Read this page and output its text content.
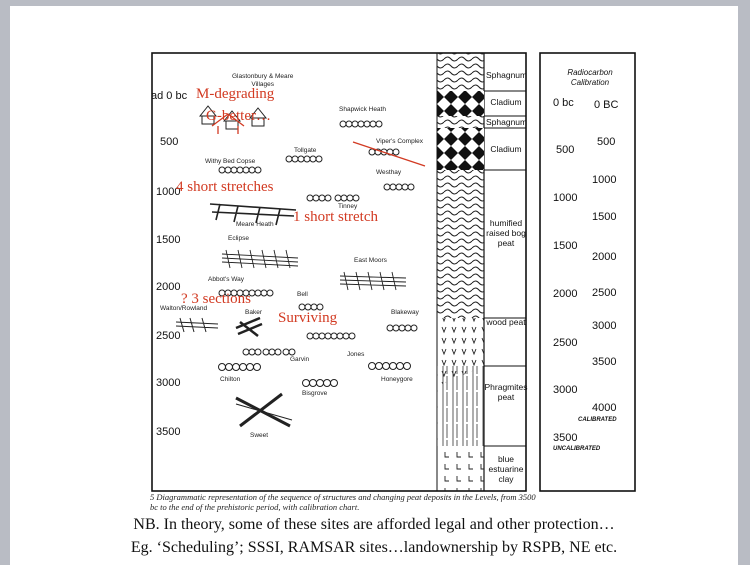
ad 0 bc
500
1000
1500
2000
2500
3000
3500
Glastonbury & Meare
Villages
Shapwick Heath
Viper's Complex
Tollgate
Withy Bed Copse
Westhay
Tinney
Meare Heath
Eclipse
East Moors
Abbot's Way
Bell
Walton/Rowland
Baker	Blakeway
Garvin
Jones
Chilton	Honeygore
Bisgrove
Sweet
Sphagnum
Cladium
Sphagnum
Cladium
humified
raised bog
peat
wood peat
Phragmites
peat
blue
estuarine
clay
Radiocarbon
Calibration
0 bc
500
1000
1500
2000
2500
3000
3500
UNCALIBRATED
0 BC
500
1000
1500
2000
2500
3000
3500
4000
CALIBRATED
5 Diagrammatic representation of the sequence of structures and changing peat deposits in the Levels, from 3500 bc to the end of the prehistoric period, with calibration chart.
M-degrading
G-better…
4 short stretches
1 short stretch
? 3 sections
Surviving
NB. In theory, some of these sites are afforded legal and other protection…
Eg. ‘Scheduling’; SSSI, RAMSAR sites…landownership by RSPB, NE etc.
